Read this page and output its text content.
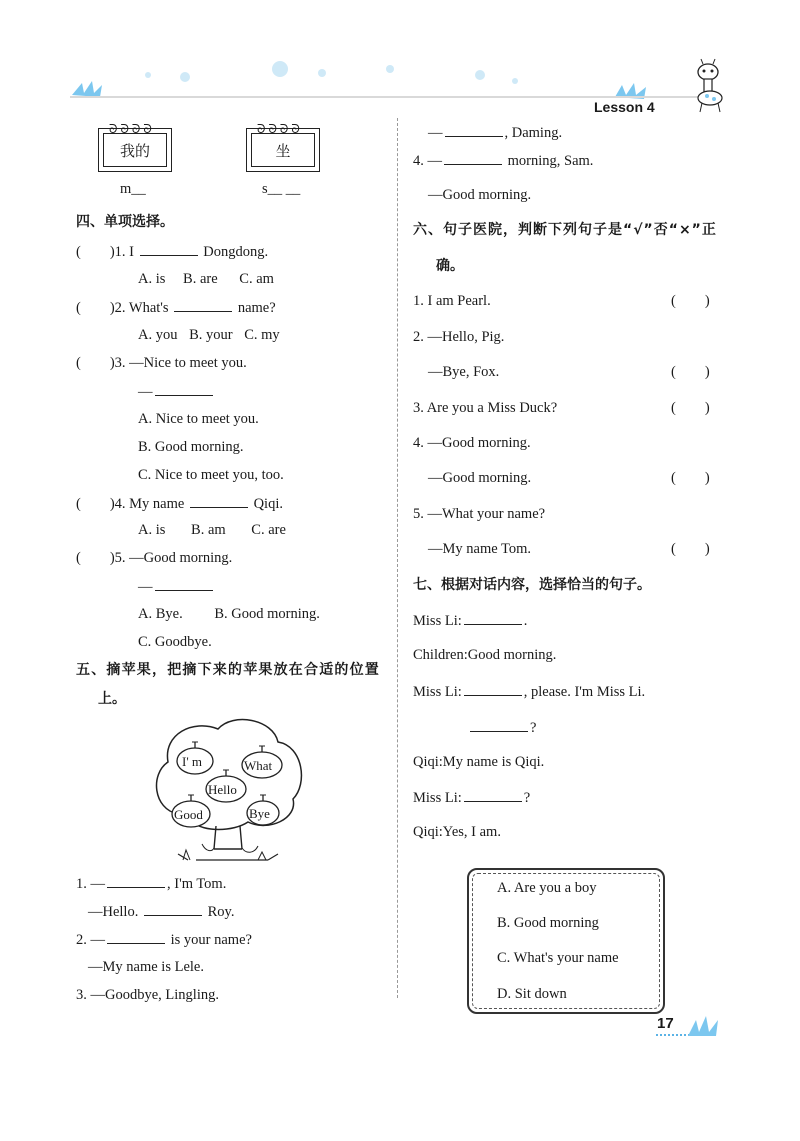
Lesson 4
ᘐᘐᘐᘐ
我的
ᘐᘐᘐᘐ
坐
m__	s__ __
四、单项选择。
(　　)1. I	Dongdong.
A. is B. are C. am
(　　)2. What's	name?
A. you B. your C. my
(　　)3. —Nice to meet you.
—
A. Nice to meet you.
B. Good morning.
C. Nice to meet you, too.
(　　)4. My name	Qiqi.
A. is B. am C. are
(　　)5. —Good morning.
—
A. Bye. B. Good morning.
C. Goodbye.
五、摘苹果，把摘下来的苹果放在合适的位置
上。
I' m	What
Hello
Good	Bye
1. —	, I'm Tom.
—Hello.	Roy.
2. —	is your name?
—My name is Lele.
3. —Goodbye, Lingling.
—	, Daming.
4. —	morning, Sam.
—Good morning.
六、句子医院，判断下列句子是“√”否“×”正
确。
1. I am Pearl.	(　　)
2. —Hello, Pig.
—Bye, Fox.	(　　)
3. Are you a Miss Duck?	(　　)
4. —Good morning.
—Good morning.	(　　)
5. —What your name?
—My name Tom.	(　　)
七、根据对话内容，选择恰当的句子。
Miss Li:	.
Children:Good morning.
Miss Li:	, please. I'm Miss Li.
?
Qiqi:My name is Qiqi.
Miss Li:	?
Qiqi:Yes, I am.
A. Are you a boy
B. Good morning
C. What's your name
D. Sit down
17
